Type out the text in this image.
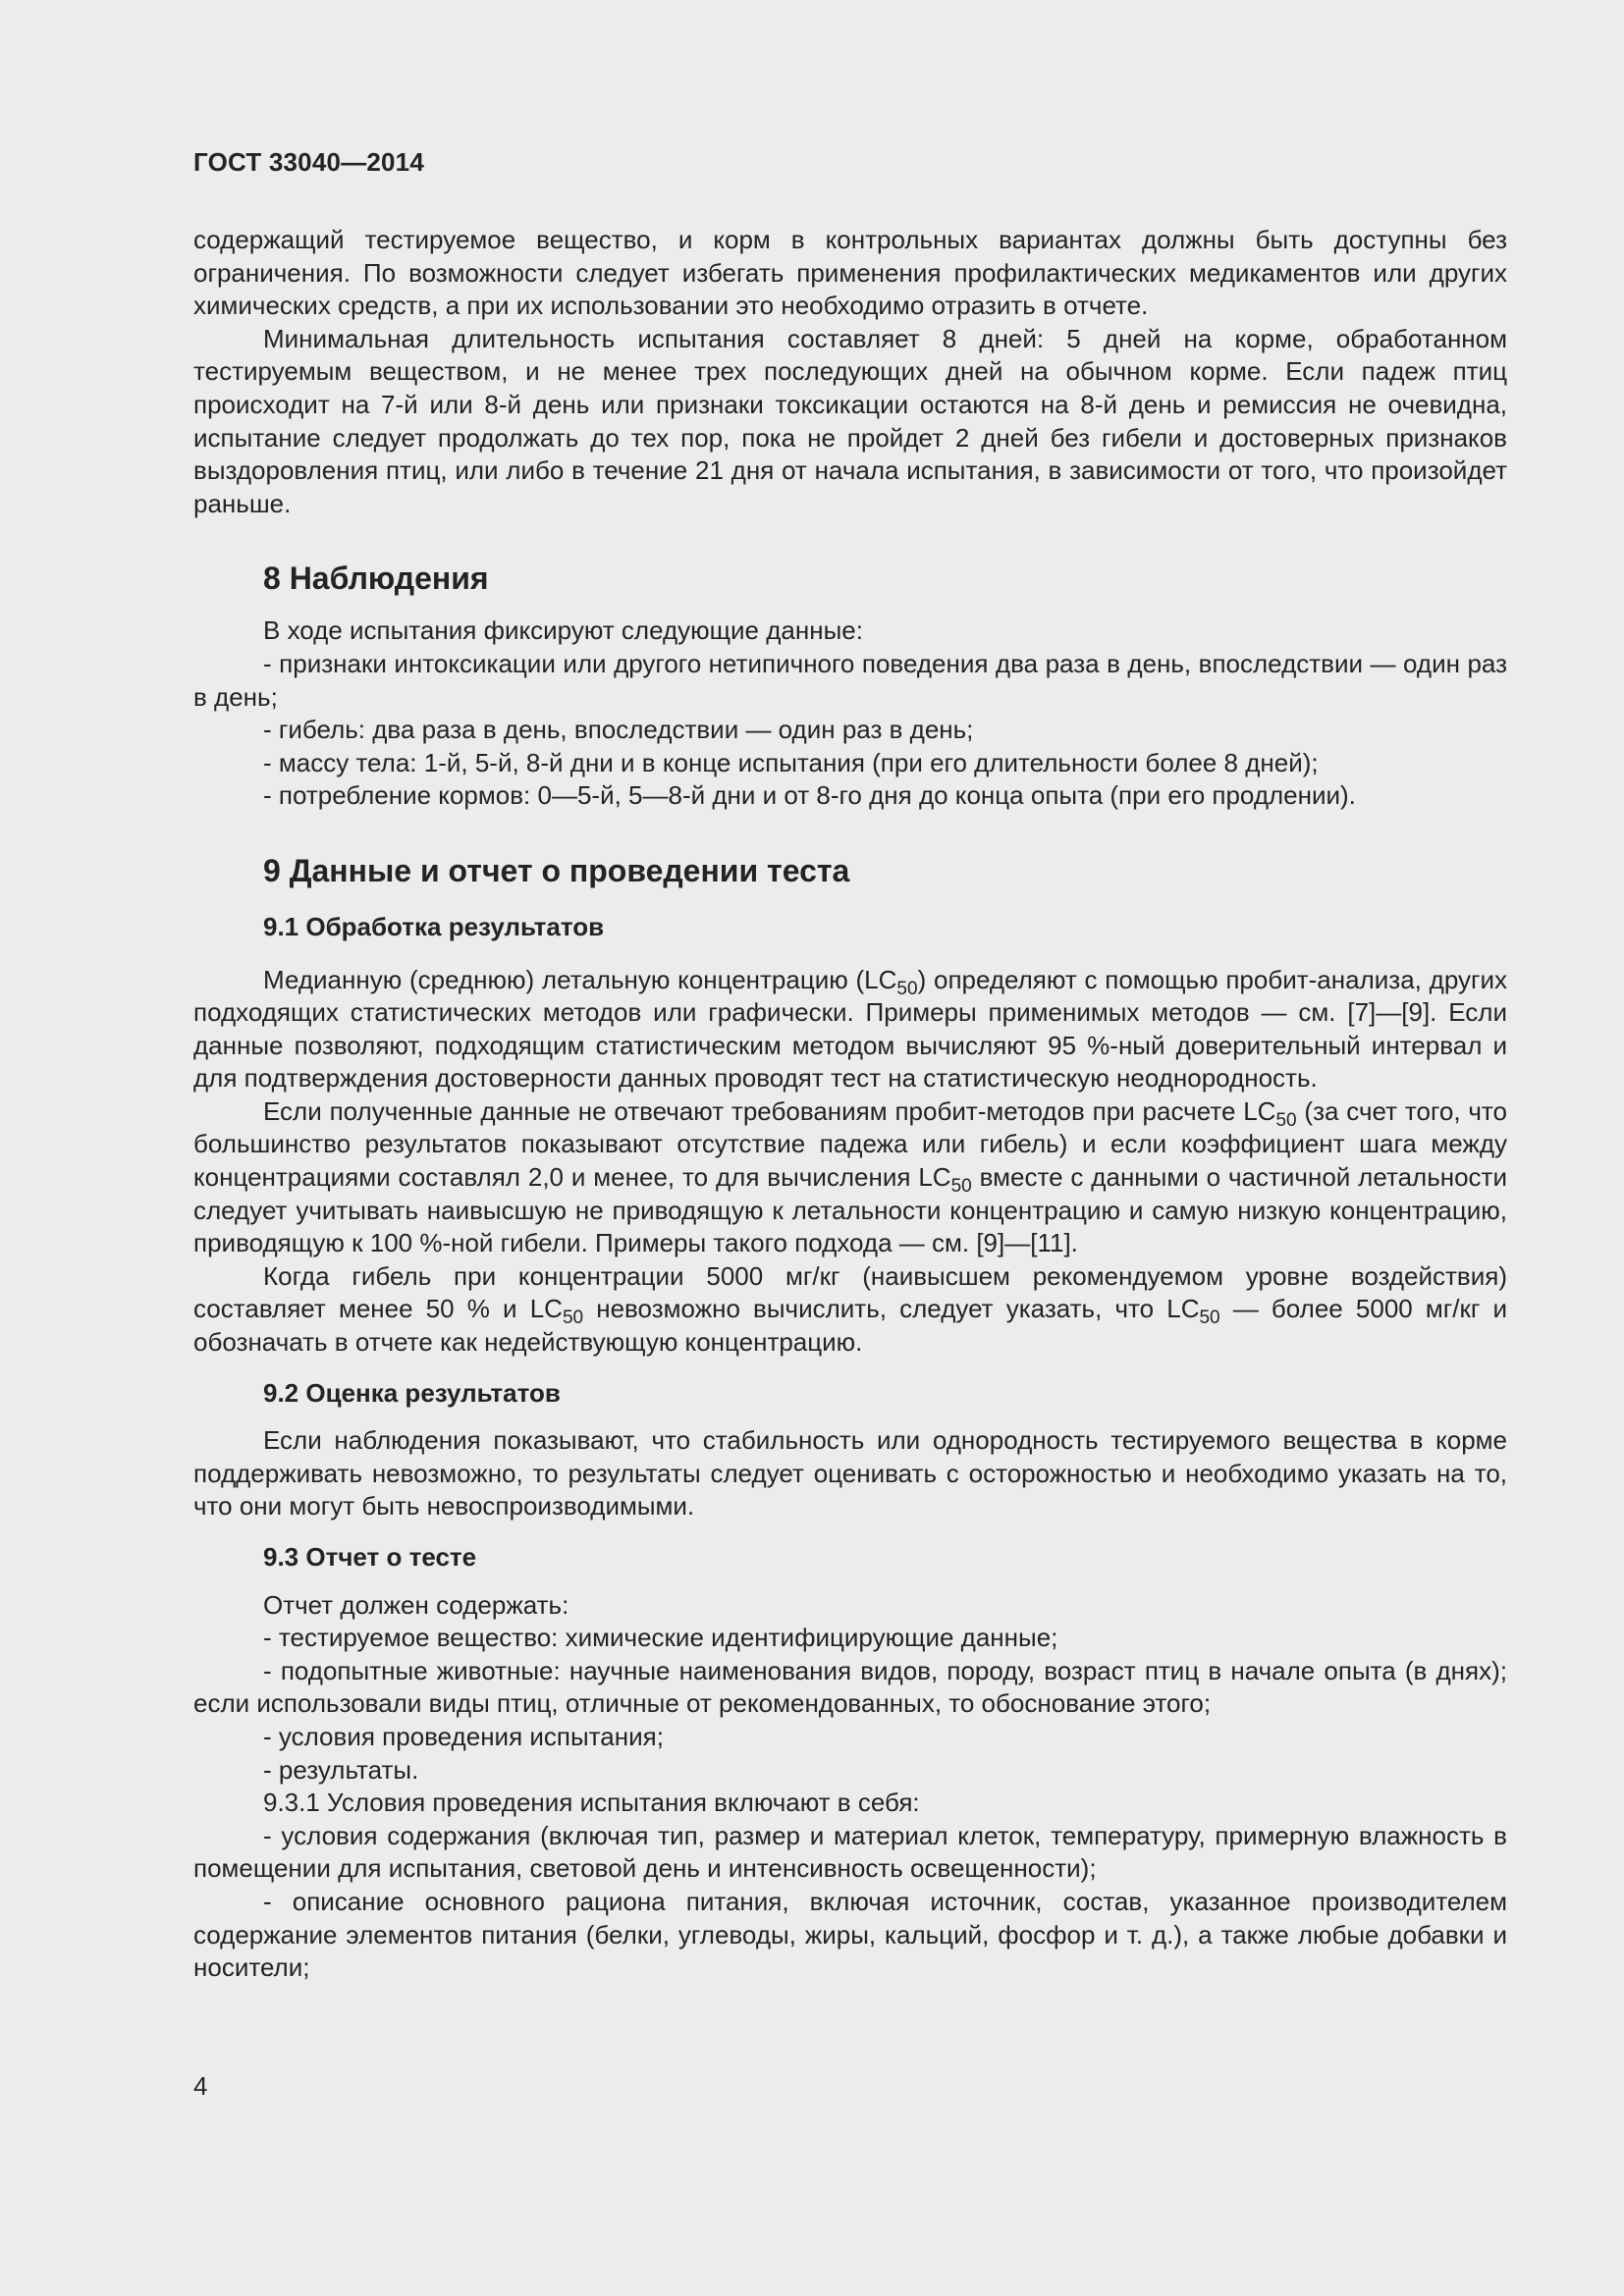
ГОСТ 33040—2014

содержащий тестируемое вещество, и корм в контрольных вариантах должны быть доступны без ограничения. По возможности следует избегать применения профилактических медикаментов или других химических средств, а при их использовании это необходимо отразить в отчете.

Минимальная длительность испытания составляет 8 дней: 5 дней на корме, обработанном тестируемым веществом, и не менее трех последующих дней на обычном корме. Если падеж птиц происходит на 7-й или 8-й день или признаки токсикации остаются на 8-й день и ремиссия не очевидна, испытание следует продолжать до тех пор, пока не пройдет 2 дней без гибели и достоверных признаков выздоровления птиц, или либо в течение 21 дня от начала испытания, в зависимости от того, что произойдет раньше.

8 Наблюдения

В ходе испытания фиксируют следующие данные:

- признаки интоксикации или другого нетипичного поведения два раза в день, впоследствии — один раз в день;

- гибель: два раза в день, впоследствии — один раз в день;

- массу тела: 1-й, 5-й, 8-й дни и в конце испытания (при его длительности более 8 дней);

- потребление кормов: 0—5-й, 5—8-й дни и от 8-го дня до конца опыта (при его продлении).

9 Данные и отчет о проведении теста

9.1 Обработка результатов

Медианную (среднюю) летальную концентрацию $(LC_{50})$ определяют с помощью пробит-анализа, других подходящих статистических методов или графически. Примеры применимых методов — см. [7]—[9]. Если данные позволяют, подходящим статистическим методом вычисляют 95 %-ный доверительный интервал и для подтверждения достоверности данных проводят тест на статистическую неоднородность.

Если полученные данные не отвечают требованиям пробит-методов при расчете $LC_{50}$ (за счет того, что большинство результатов показывают отсутствие падежа или гибель) и если коэффициент шага между концентрациями составлял 2,0 и менее, то для вычисления $LC_{50}$ вместе с данными о частичной летальности следует учитывать наивысшую не приводящую к летальности концентрацию и самую низкую концентрацию, приводящую к 100 %-ной гибели. Примеры такого подхода — см. [9]—[11].

Когда гибель при концентрации 5000 мг/кг (наивысшем рекомендуемом уровне воздействия) составляет менее 50 % и $LC_{50}$ невозможно вычислить, следует указать, что $LC_{50}$ — более 5000 мг/кг и обозначать в отчете как недействующую концентрацию.

9.2 Оценка результатов

Если наблюдения показывают, что стабильность или однородность тестируемого вещества в корме поддерживать невозможно, то результаты следует оценивать с осторожностью и необходимо указать на то, что они могут быть невоспроизводимыми.

9.3 Отчет о тесте

Отчет должен содержать:

- тестируемое вещество: химические идентифицирующие данные;

- подопытные животные: научные наименования видов, породу, возраст птиц в начале опыта (в днях); если использовали виды птиц, отличные от рекомендованных, то обоснование этого;

- условия проведения испытания;

- результаты.

9.3.1 Условия проведения испытания включают в себя:

- условия содержания (включая тип, размер и материал клеток, температуру, примерную влажность в помещении для испытания, световой день и интенсивность освещенности);

- описание основного рациона питания, включая источник, состав, указанное производителем содержание элементов питания (белки, углеводы, жиры, кальций, фосфор и т. д.), а также любые добавки и носители;

4
